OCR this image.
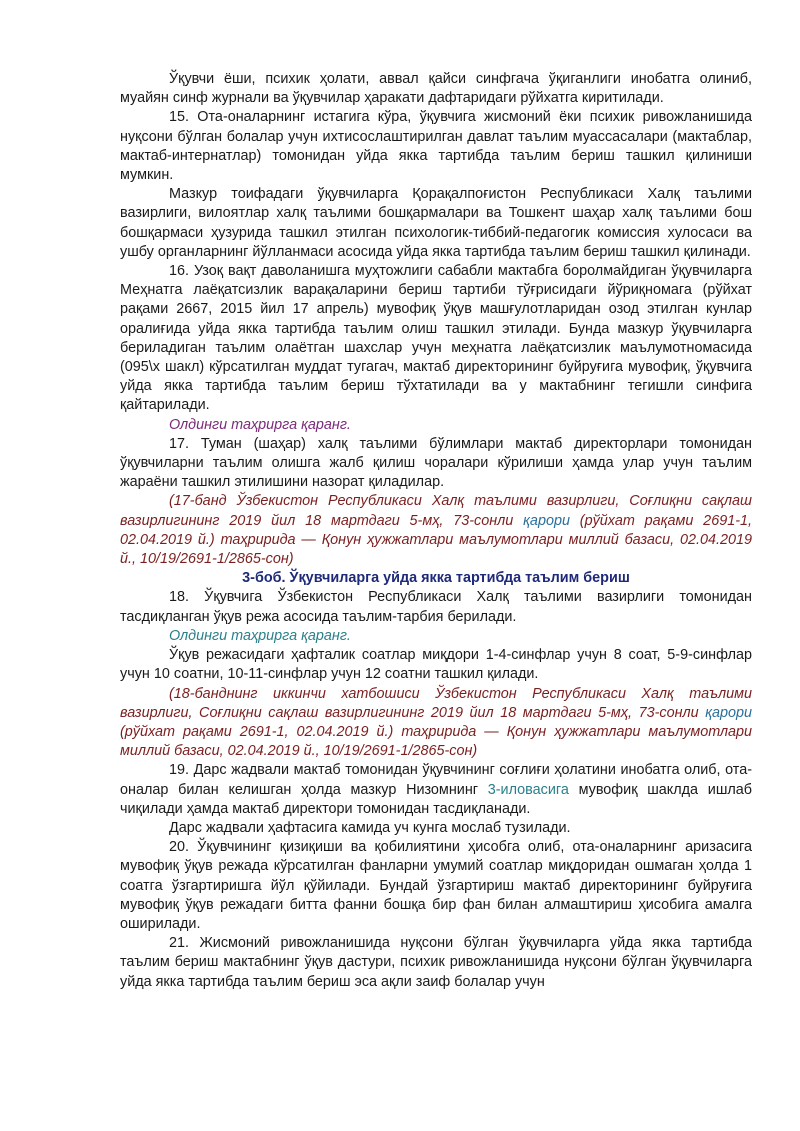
Ўқувчи ёши, психик ҳолати, аввал қайси синфгача ўқиганлиги инобатга олиниб, муайян синф журнали ва ўқувчилар ҳаракати дафтаридаги рўйхатга киритилади.

15. Ота-оналарнинг истагига кўра, ўқувчига жисмоний ёки психик ривожланишида нуқсони бўлган болалар учун ихтисослаштирилган давлат таълим муассасалари (мактаблар, мактаб-интернатлар) томонидан уйда якка тартибда таълим бериш ташкил қилиниши мумкин.

Мазкур тоифадаги ўқувчиларга Қорақалпоғистон Республикаси Халқ таълими вазирлиги, вилоятлар халқ таълими бошқармалари ва Тошкент шаҳар халқ таълими бош бошқармаси ҳузурида ташкил этилган психологик-тиббий-педагогик комиссия хулосаси ва ушбу органларнинг йўлланмаси асосида уйда якка тартибда таълим бериш ташкил қилинади.

16. Узоқ вақт даволанишга муҳтожлиги сабабли мактабга боролмайдиган ўқувчиларга Меҳнатга лаёқатсизлик варақаларини бериш тартиби тўғрисидаги йўриқномага (рўйхат рақами 2667, 2015 йил 17 апрель) мувофиқ ўқув машғулотларидан озод этилган кунлар оралиғида уйда якка тартибда таълим олиш ташкил этилади. Бунда мазкур ўқувчиларга бериладиган таълим олаётган шахслар учун меҳнатга лаёқатсизлик маълумотномасида (095\х шакл) кўрсатилган муддат тугагач, мактаб директорининг буйруғига мувофиқ, ўқувчига уйда якка тартибда таълим бериш тўхтатилади ва у мактабнинг тегишли синфига қайтарилади.

Олдинги таҳрирга қаранг.

17. Туман (шаҳар) халқ таълими бўлимлари мактаб директорлари томонидан ўқувчиларни таълим олишга жалб қилиш чоралари кўрилиши ҳамда улар учун таълим жараёни ташкил этилишини назорат қиладилар.

(17-банд Ўзбекистон Республикаси Халқ таълими вазирлиги, Соғлиқни сақлаш вазирлигининг 2019 йил 18 мартдаги 5-мҳ, 73-сонли қарори (рўйхат рақами 2691-1, 02.04.2019 й.) таҳририда — Қонун ҳужжатлари маълумотлари миллий базаси, 02.04.2019 й., 10/19/2691-1/2865-сон)

3-боб. Ўқувчиларга уйда якка тартибда таълим бериш

18. Ўқувчига Ўзбекистон Республикаси Халқ таълими вазирлиги томонидан тасдиқланган ўқув режа асосида таълим-тарбия берилади.

Олдинги таҳрирга қаранг.

Ўқув режасидаги ҳафталик соатлар миқдори 1-4-синфлар учун 8 соат, 5-9-синфлар учун 10 соатни, 10-11-синфлар учун 12 соатни ташкил қилади.

(18-банднинг иккинчи хатбошиси Ўзбекистон Республикаси Халқ таълими вазирлиги, Соғлиқни сақлаш вазирлигининг 2019 йил 18 мартдаги 5-мҳ, 73-сонли қарори (рўйхат рақами 2691-1, 02.04.2019 й.) таҳририда — Қонун ҳужжатлари маълумотлари миллий базаси, 02.04.2019 й., 10/19/2691-1/2865-сон)

19. Дарс жадвали мактаб томонидан ўқувчининг соғлиғи ҳолатини инобатга олиб, ота-оналар билан келишган ҳолда мазкур Низомнинг 3-иловасига мувофиқ шаклда ишлаб чиқилади ҳамда мактаб директори томонидан тасдиқланади.

Дарс жадвали ҳафтасига камида уч кунга мослаб тузилади.

20. Ўқувчининг қизиқиши ва қобилиятини ҳисобга олиб, ота-оналарнинг аризасига мувофиқ ўқув режада кўрсатилган фанларни умумий соатлар миқдоридан ошмаган ҳолда 1 соатга ўзгартиришга йўл қўйилади. Бундай ўзгартириш мактаб директорининг буйруғига мувофиқ ўқув режадаги битта фанни бошқа бир фан билан алмаштириш ҳисобига амалга оширилади.

21. Жисмоний ривожланишида нуқсони бўлган ўқувчиларга уйда якка тартибда таълим бериш мактабнинг ўқув дастури, психик ривожланишида нуқсони бўлган ўқувчиларга уйда якка тартибда таълим бериш эса ақли заиф болалар учун
